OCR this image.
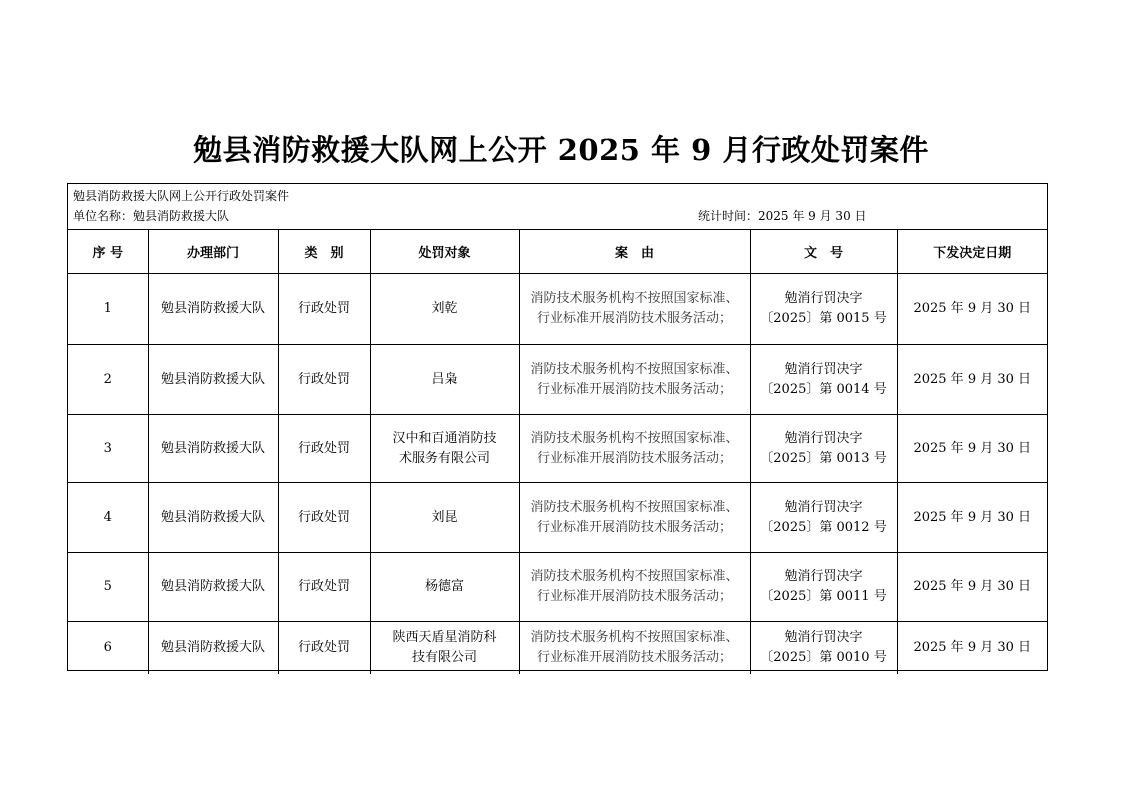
勉县消防救援大队网上公开 2025 年 9 月行政处罚案件
勉县消防救援大队网上公开行政处罚案件
单位名称：勉县消防救援大队	统计时间：2025 年 9 月 30 日
序 号	办理部门	类　别	处罚对象	案　由	文　号	下发决定日期
1	勉县消防救援大队	行政处罚	刘乾	消防技术服务机构不按照国家标准、
行业标准开展消防技术服务活动；	勉消行罚决字
〔2025〕第 0015 号	2025 年 9 月 30 日
2	勉县消防救援大队	行政处罚	吕枭	消防技术服务机构不按照国家标准、
行业标准开展消防技术服务活动；	勉消行罚决字
〔2025〕第 0014 号	2025 年 9 月 30 日
3	勉县消防救援大队	行政处罚	汉中和百通消防技
术服务有限公司	消防技术服务机构不按照国家标准、
行业标准开展消防技术服务活动；	勉消行罚决字
〔2025〕第 0013 号	2025 年 9 月 30 日
4	勉县消防救援大队	行政处罚	刘昆	消防技术服务机构不按照国家标准、
行业标准开展消防技术服务活动；	勉消行罚决字
〔2025〕第 0012 号	2025 年 9 月 30 日
5	勉县消防救援大队	行政处罚	杨德富	消防技术服务机构不按照国家标准、
行业标准开展消防技术服务活动；	勉消行罚决字
〔2025〕第 0011 号	2025 年 9 月 30 日
6	勉县消防救援大队	行政处罚	陕西天盾星消防科
技有限公司	消防技术服务机构不按照国家标准、
行业标准开展消防技术服务活动；	勉消行罚决字
〔2025〕第 0010 号	2025 年 9 月 30 日
